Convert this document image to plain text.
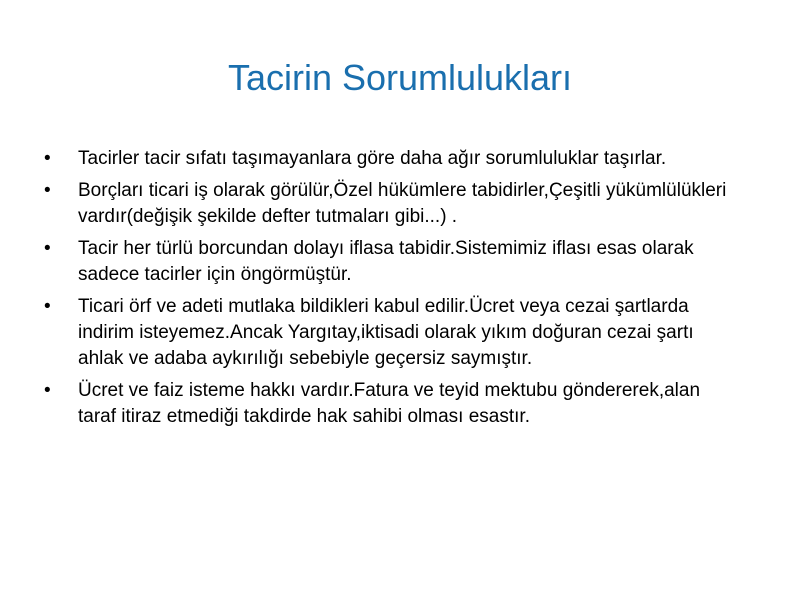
Tacirin Sorumlulukları
• Tacirler tacir sıfatı taşımayanlara göre daha ağır sorumluluklar taşırlar.
• Borçları ticari iş olarak görülür,Özel hükümlere tabidirler,Çeşitli yükümlülükleri vardır(değişik şekilde defter tutmaları gibi...) .
• Tacir her türlü borcundan dolayı iflasa tabidir.Sistemimiz iflası esas olarak sadece tacirler için öngörmüştür.
• Ticari örf ve adeti mutlaka bildikleri kabul edilir.Ücret veya cezai şartlarda indirim isteyemez.Ancak Yargıtay,iktisadi olarak yıkım doğuran cezai şartı ahlak ve adaba aykırılığı sebebiyle geçersiz saymıştır.
• Ücret ve faiz isteme hakkı vardır.Fatura ve teyid mektubu göndererek,alan taraf itiraz etmediği takdirde hak sahibi olması esastır.
